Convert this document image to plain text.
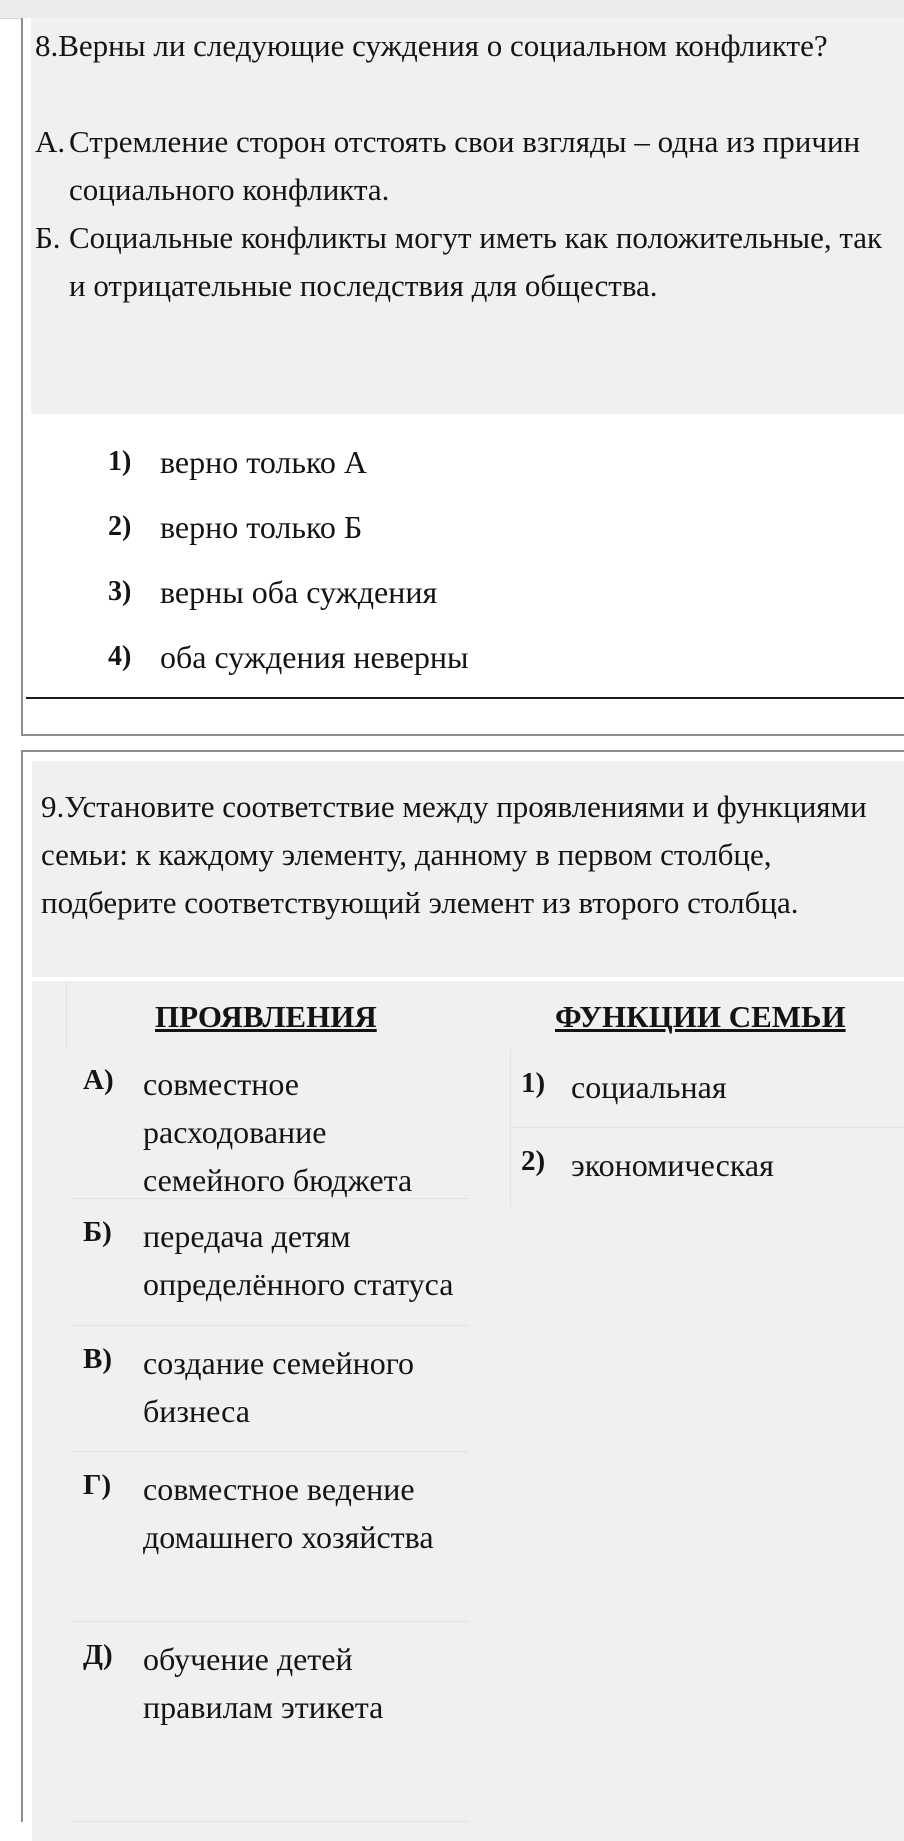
8.Верны ли следующие суждения о социальном конфликте?
А. Стремление сторон отстоять свои взгляды – одна из причин социального конфликта.
Б. Социальные конфликты могут иметь как положительные, так и отрицательные последствия для общества.
1) верно только А
2) верно только Б
3) верны оба суждения
4) оба суждения неверны
9.Установите соответствие между проявлениями и функциями семьи: к каждому элементу, данному в первом столбце, подберите соответствующий элемент из второго столбца.
ПРОЯВЛЕНИЯ	ФУНКЦИИ СЕМЬИ
А) совместное расходование семейного бюджета
Б) передача детям определённого статуса
В) создание семейного бизнеса
Г) совместное ведение домашнего хозяйства
Д) обучение детей правилам этикета
1) социальная
2) экономическая
